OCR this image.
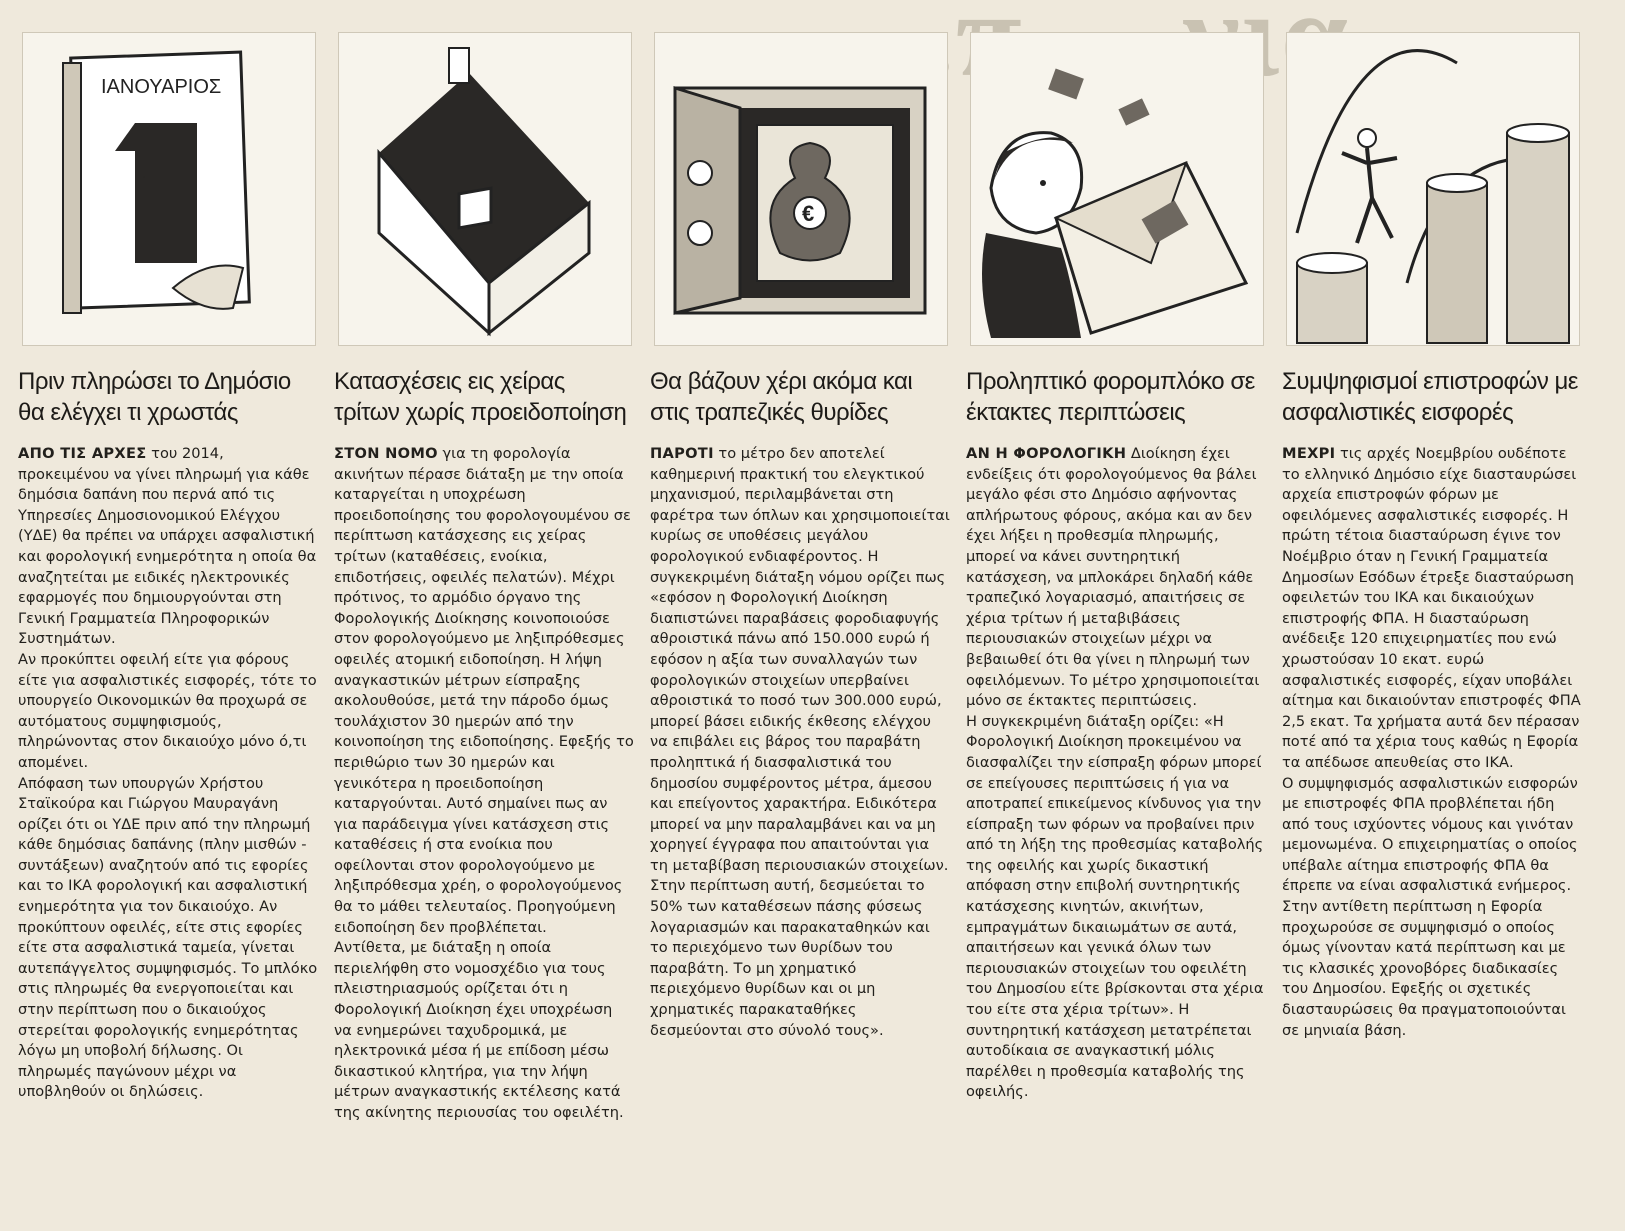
για
ΙΑΝΟΥΑΡΙΟΣ
1
Πριν πληρώσει το Δημόσιο θα ελέγχει τι χρωστάς

ΑΠΟ ΤΙΣ ΑΡΧΕΣ του 2014, προκειμένου να γίνει πληρωμή για κάθε δημόσια δαπάνη που περνά από τις Υπηρεσίες Δημοσιονομικού Ελέγχου (ΥΔΕ) θα πρέπει να υπάρχει ασφαλιστική και φορολογική ενημερότητα η οποία θα αναζητείται με ειδικές ηλεκτρονικές εφαρμογές που δημιουργούνται στη Γενική Γραμματεία Πληροφορικών Συστημάτων.

Αν προκύπτει οφειλή είτε για φόρους είτε για ασφαλιστικές εισφορές, τότε το υπουργείο Οικονομικών θα προχωρά σε αυτόματους συμψηφισμούς, πληρώνοντας στον δικαιούχο μόνο ό,τι απομένει.

Απόφαση των υπουργών Χρήστου Σταϊκούρα και Γιώργου Μαυραγάνη ορίζει ότι οι ΥΔΕ πριν από την πληρωμή κάθε δημόσιας δαπάνης (πλην μισθών - συντάξεων) αναζητούν από τις εφορίες και το ΙΚΑ φορολογική και ασφαλιστική ενημερότητα για τον δικαιούχο. Αν προκύπτουν οφειλές, είτε στις εφορίες είτε στα ασφαλιστικά ταμεία, γίνεται αυτεπάγγελτος συμψηφισμός. Το μπλόκο στις πληρωμές θα ενεργοποιείται και στην περίπτωση που ο δικαιούχος στερείται φορολογικής ενημερότητας λόγω μη υποβολή δήλωσης. Οι πληρωμές παγώνουν μέχρι να υποβληθούν οι δηλώσεις.

Κατασχέσεις εις χείρας τρίτων χωρίς προειδοποίηση

ΣΤΟΝ ΝΟΜΟ για τη φορολογία ακινήτων πέρασε διάταξη με την οποία καταργείται η υποχρέωση προειδοποίησης του φορολογουμένου σε περίπτωση κατάσχεσης εις χείρας τρίτων (καταθέσεις, ενοίκια, επιδοτήσεις, οφειλές πελατών). Μέχρι πρότινος, το αρμόδιο όργανο της Φορολογικής Διοίκησης κοινοποιούσε στον φορολογούμενο με ληξιπρόθεσμες οφειλές ατομική ειδοποίηση. Η λήψη αναγκαστικών μέτρων είσπραξης ακολουθούσε, μετά την πάροδο όμως τουλάχιστον 30 ημερών από την κοινοποίηση της ειδοποίησης. Εφεξής το περιθώριο των 30 ημερών και γενικότερα η προειδοποίηση καταργούνται. Αυτό σημαίνει πως αν για παράδειγμα γίνει κατάσχεση στις καταθέσεις ή στα ενοίκια που οφείλονται στον φορολογούμενο με ληξιπρόθεσμα χρέη, ο φορολογούμενος θα το μάθει τελευταίος. Προηγούμενη ειδοποίηση δεν προβλέπεται.

Αντίθετα, με διάταξη η οποία περιελήφθη στο νομοσχέδιο για τους πλειστηριασμούς ορίζεται ότι η Φορολογική Διοίκηση έχει υποχρέωση να ενημερώνει ταχυδρομικά, με ηλεκτρονικά μέσα ή με επίδοση μέσω δικαστικού κλητήρα, για την λήψη μέτρων αναγκαστικής εκτέλεσης κατά της ακίνητης περιουσίας του οφειλέτη.

€
Θα βάζουν χέρι ακόμα και στις τραπεζικές θυρίδες

ΠΑΡΟΤΙ το μέτρο δεν αποτελεί καθημερινή πρακτική του ελεγκτικού μηχανισμού, περιλαμβάνεται στη φαρέτρα των όπλων και χρησιμοποιείται κυρίως σε υποθέσεις μεγάλου φορολογικού ενδιαφέροντος. Η συγκεκριμένη διάταξη νόμου ορίζει πως «εφόσον η Φορολογική Διοίκηση διαπιστώνει παραβάσεις φοροδιαφυγής αθροιστικά πάνω από 150.000 ευρώ ή εφόσον η αξία των συναλλαγών των φορολογικών στοιχείων υπερβαίνει αθροιστικά το ποσό των 300.000 ευρώ, μπορεί βάσει ειδικής έκθεσης ελέγχου να επιβάλει εις βάρος του παραβάτη προληπτικά ή διασφαλιστικά του δημοσίου συμφέροντος μέτρα, άμεσου και επείγοντος χαρακτήρα. Ειδικότερα μπορεί να μην παραλαμβάνει και να μη χορηγεί έγγραφα που απαιτούνται για τη μεταβίβαση περιουσιακών στοιχείων. Στην περίπτωση αυτή, δεσμεύεται το 50% των καταθέσεων πάσης φύσεως λογαριασμών και παρακαταθηκών και το περιεχόμενο των θυρίδων του παραβάτη. Το μη χρηματικό περιεχόμενο θυρίδων και οι μη χρηματικές παρακαταθήκες δεσμεύονται στο σύνολό τους».

Προληπτικό φορομπλόκο σε έκτακτες περιπτώσεις

ΑΝ Η ΦΟΡΟΛΟΓΙΚΗ Διοίκηση έχει ενδείξεις ότι φορολογούμενος θα βάλει μεγάλο φέσι στο Δημόσιο αφήνοντας απλήρωτους φόρους, ακόμα και αν δεν έχει λήξει η προθεσμία πληρωμής, μπορεί να κάνει συντηρητική κατάσχεση, να μπλοκάρει δηλαδή κάθε τραπεζικό λογαριασμό, απαιτήσεις σε χέρια τρίτων ή μεταβιβάσεις περιουσιακών στοιχείων μέχρι να βεβαιωθεί ότι θα γίνει η πληρωμή των οφειλόμενων. Το μέτρο χρησιμοποιείται μόνο σε έκτακτες περιπτώσεις.

Η συγκεκριμένη διάταξη ορίζει: «Η Φορολογική Διοίκηση προκειμένου να διασφαλίζει την είσπραξη φόρων μπορεί σε επείγουσες περιπτώσεις ή για να αποτραπεί επικείμενος κίνδυνος για την είσπραξη των φόρων να προβαίνει πριν από τη λήξη της προθεσμίας καταβολής της οφειλής και χωρίς δικαστική απόφαση στην επιβολή συντηρητικής κατάσχεσης κινητών, ακινήτων, εμπραγμάτων δικαιωμάτων σε αυτά, απαιτήσεων και γενικά όλων των περιουσιακών στοιχείων του οφειλέτη του Δημοσίου είτε βρίσκονται στα χέρια του είτε στα χέρια τρίτων». Η συντηρητική κατάσχεση μετατρέπεται αυτοδίκαια σε αναγκαστική μόλις παρέλθει η προθεσμία καταβολής της οφειλής.

Συμψηφισμοί επιστροφών με ασφαλιστικές εισφορές

ΜΕΧΡΙ τις αρχές Νοεμβρίου ουδέποτε το ελληνικό Δημόσιο είχε διασταυρώσει αρχεία επιστροφών φόρων με οφειλόμενες ασφαλιστικές εισφορές. Η πρώτη τέτοια διασταύρωση έγινε τον Νοέμβριο όταν η Γενική Γραμματεία Δημοσίων Εσόδων έτρεξε διασταύρωση οφειλετών του ΙΚΑ και δικαιούχων επιστροφής ΦΠΑ. Η διασταύρωση ανέδειξε 120 επιχειρηματίες που ενώ χρωστούσαν 10 εκατ. ευρώ ασφαλιστικές εισφορές, είχαν υποβάλει αίτημα και δικαιούνταν επιστροφές ΦΠΑ 2,5 εκατ. Τα χρήματα αυτά δεν πέρασαν ποτέ από τα χέρια τους καθώς η Εφορία τα απέδωσε απευθείας στο ΙΚΑ.

Ο συμψηφισμός ασφαλιστικών εισφορών με επιστροφές ΦΠΑ προβλέπεται ήδη από τους ισχύοντες νόμους και γινόταν μεμονωμένα. Ο επιχειρηματίας ο οποίος υπέβαλε αίτημα επιστροφής ΦΠΑ θα έπρεπε να είναι ασφαλιστικά ενήμερος. Στην αντίθετη περίπτωση η Εφορία προχωρούσε σε συμψηφισμό ο οποίος όμως γίνονταν κατά περίπτωση και με τις κλασικές χρονοβόρες διαδικασίες του Δημοσίου. Εφεξής οι σχετικές διασταυρώσεις θα πραγματοποιούνται σε μηνιαία βάση.
